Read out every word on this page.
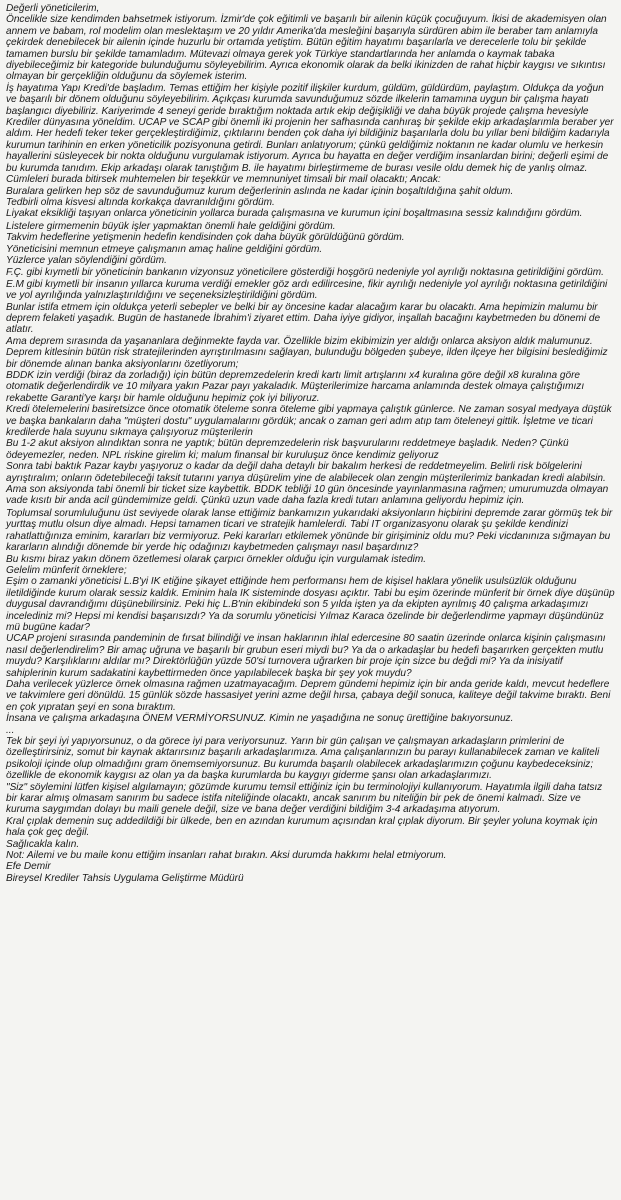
Değerli yöneticilerim,

Öncelikle size kendimden bahsetmek istiyorum. İzmir'de çok eğitimli ve başarılı bir ailenin küçük çocuğuyum. İkisi de akademisyen olan annem ve babam, rol modelim olan meslektaşım ve 20 yıldır Amerika'da mesleğini başarıyla sürdüren abim ile beraber tam anlamıyla çekirdek denebilecek bir ailenin içinde huzurlu bir ortamda yetiştim. Bütün eğitim hayatımı başarılarla ve derecelerle tolu bir şekilde tamamen burslu bir şekilde tamamladım. Mütevazi olmaya gerek yok Türkiye standartlarında her anlamda o kaymak tabaka diyebileceğimiz bir kategoride bulunduğumu söyleyebilirim. Ayrıca ekonomik olarak da belki ikinizden de rahat hiçbir kaygısı ve sıkıntısı olmayan bir gerçekliğin olduğunu da söylemek isterim.

İş hayatıma Yapı Kredi'de başladım. Temas ettiğim her kişiyle pozitif ilişkiler kurdum, güldüm, güldürdüm, paylaştım. Oldukça da yoğun ve başarılı bir dönem olduğunu söyleyebilirim. Açıkçası kurumda savunduğumuz sözde ilkelerin tamamına uygun bir çalışma hayatı başlangıcı diyebiliriz. Kariyerimde 4 seneyi geride bıraktığım noktada artık ekip değişikliği ve daha büyük projede çalışma hevesiyle Krediler dünyasına yöneldim. UCAP ve SCAP gibi önemli iki projenin her safhasında canhıraş bir şekilde ekip arkadaşlarımla beraber yer aldım. Her hedefi teker teker gerçekleştirdiğimiz, çıktılarını benden çok daha iyi bildiğiniz başarılarla dolu bu yıllar beni bildiğim kadarıyla kurumun tarihinin en erken yöneticilik pozisyonuna getirdi. Bunları anlatıyorum; çünkü geldiğimiz noktanın ne kadar olumlu ve herkesin hayallerini süsleyecek bir nokta olduğunu vurgulamak istiyorum. Ayrıca bu hayatta en değer verdiğim insanlardan birini; değerli eşimi de bu kurumda tanıdım. Ekip arkadaşı olarak tanıştığım B. ile hayatımı birleştirmeme de burası vesile oldu demek hiç de yanlış olmaz.

Cümleleri burada bitirsek muhtemelen bir teşekkür ve memnuniyet timsali bir mail olacaktı; Ancak:

Buralara gelirken hep söz de savunduğumuz kurum değerlerinin aslında ne kadar içinin boşaltıldığına şahit oldum.

Tedbirli olma kisvesi altında korkakça davranıldığını gördüm.

Liyakat eksikliği taşıyan onlarca yöneticinin yollarca burada çalışmasına ve kurumun içini boşaltmasına sessiz kalındığını gördüm.

Listelere girmemenin büyük işler yapmaktan önemli hale geldiğini gördüm.

Takvim hedeflerine yetişmenin hedefin kendisinden çok daha büyük görüldüğünü gördüm.

Yöneticisini memnun etmeye çalışmanın amaç haline geldiğini gördüm.

Yüzlerce yalan söylendiğini gördüm.

F.Ç. gibi kıymetli bir yöneticinin bankanın vizyonsuz yöneticilere gösterdiği hoşgörü nedeniyle yol ayrılığı noktasına getirildiğini gördüm.

E.M gibi kıymetli bir insanın yıllarca kuruma verdiği emekler göz ardı edilircesine, fikir ayrılığı nedeniyle yol ayrılığı noktasına getirildiğini ve yol ayrılığında yalnızlaştırıldığını ve seçeneksizleştirildiğini gördüm.

Bunlar istifa etmem için oldukça yeterli sebepler ve belki bir ay öncesine kadar alacağım karar bu olacaktı. Ama hepimizin malumu bir deprem felaketi yaşadık. Bugün de hastanede İbrahim'i ziyaret ettim. Daha iyiye gidiyor, inşallah bacağını kaybetmeden bu dönemi de atlatır.

Ama deprem sırasında da yaşananlara değinmekte fayda var. Özellikle bizim ekibimizin yer aldığı onlarca aksiyon aldık malumunuz. Deprem kitlesinin bütün risk stratejilerinden ayrıştırılmasını sağlayan, bulunduğu bölgeden şubeye, ilden ilçeye her bilgisini beslediğimiz bir dönemde alınan banka aksiyonlarını özetliyorum;

BDDK izin verdiği (biraz da zorladığı) için bütün depremzedelerin kredi kartı limit artışlarını x4 kuralına göre değil x8 kuralına göre otomatik değerlendirdik ve 10 milyara yakın Pazar payı yakaladık. Müşterilerimize harcama anlamında destek olmaya çalıştığımızı rekabette Garanti'ye karşı bir hamle olduğunu hepimiz çok iyi biliyoruz.

Kredi ötelemelerini basiretsizce önce otomatik öteleme sonra öteleme gibi yapmaya çalıştık günlerce. Ne zaman sosyal medyaya düştük ve başka bankaların daha "müşteri dostu" uygulamalarını gördük; ancak o zaman geri adım atıp tam öteleneyi gittik. İşletme ve ticari kredilerde hala suyunu sıkmaya çalışıyoruz müşterilerin

Bu 1-2 akut aksiyon alındıktan sonra ne yaptık; bütün depremzedelerin risk başvurularını reddetmeye başladık. Neden? Çünkü ödeyemezler, neden. NPL riskine girelim ki; malum finansal bir kuruluşuz önce kendimiz geliyoruz

Sonra tabi baktık Pazar kaybı yaşıyoruz o kadar da değil daha detaylı bir bakalım herkesi de reddetmeyelim. Belirli risk bölgelerini ayrıştıralım; onların ödetebileceği taksit tutarını yarıya düşürelim yine de alabilecek olan zengin müşterilerimiz bankadan kredi alabilsin.

Ama son aksiyonda tabi önemli bir ticket size kaybettik. BDDK tebliği 10 gün öncesinde yayınlanmasına rağmen; umurumuzda olmayan vade kısıtı bir anda acil gündemimize geldi. Çünkü uzun vade daha fazla kredi tutarı anlamına geliyordu hepimiz için.

Toplumsal sorumluluğunu üst seviyede olarak lanse ettiğimiz bankamızın yukarıdaki aksiyonların hiçbirini depremde zarar görmüş tek bir yurttaş mutlu olsun diye almadı. Hepsi tamamen ticari ve stratejik hamlelerdi. Tabi IT organizasyonu olarak şu şekilde kendinizi rahatlattığınıza eminim, kararları biz vermiyoruz. Peki kararları etkilemek yönünde bir girişiminiz oldu mu? Peki vicdanınıza sığmayan bu kararların alındığı dönemde bir yerde hiç odağınızı kaybetmeden çalışmayı nasıl başardınız?

Bu kısmı biraz yakın dönem özetlemesi olarak çarpıcı örnekler olduğu için vurgulamak istedim.

Gelelim münferit örneklere;

Eşim o zamanki yöneticisi L.B'yi IK etiğine şikayet ettiğinde hem performansı hem de kişisel haklara yönelik usulsüzlük olduğunu iletildiğinde kurum olarak sessiz kaldık. Eminim hala IK sisteminde dosyası açıktır. Tabi bu eşim özerinde münferit bir örnek diye düşünüp duygusal davrandığımı düşünebilirsiniz. Peki hiç L.B'nin ekibindeki son 5 yılda işten ya da ekipten ayrılmış 40 çalışma arkadaşımızı incelediniz mi? Hepsi mi kendisi başarısızdı? Ya da sorumlu yöneticisi Yılmaz Karaca özelinde bir değerlendirme yapmayı düşündünüz mü bugüne kadar?

UCAP projeni sırasında pandeminin de fırsat bilindiği ve insan haklarının ihlal edercesine 80 saatin üzerinde onlarca kişinin çalışmasını nasıl değerlendirelim? Bir amaç uğruna ve başarılı bir grubun eseri miydi bu? Ya da o arkadaşlar bu hedefi başarırken gerçekten mutlu muydu? Karşılıklarını aldılar mı? Direktörlüğün yüzde 50'si turnovera uğrarken bir proje için sizce bu değdi mi? Ya da inisiyatif sahiplerinin kurum sadakatini kaybettirmeden önce yapılabilecek başka bir şey yok muydu?

Daha verilecek yüzlerce örnek olmasına rağmen uzatmayacağım. Deprem gündemi hepimiz için bir anda geride kaldı, mevcut hedeflere ve takvimlere geri dönüldü. 15 günlük sözde hassasiyet yerini azme değil hırsa, çabaya değil sonuca, kaliteye değil takvime bıraktı. Beni en çok yıpratan şeyi en sona bıraktım.

İnsana ve çalışma arkadaşına ÖNEM VERMİYORSUNUZ. Kimin ne yaşadığına ne sonuç ürettiğine bakıyorsunuz.

...

Tek bir şeyi iyi yapıyorsunuz, o da görece iyi para veriyorsunuz. Yarın bir gün çalışan ve çalışmayan arkadaşların primlerini de özelleştirirsiniz, somut bir kaynak aktarırsınız başarılı arkadaşlarımıza. Ama çalışanlarınızın bu parayı kullanabilecek zaman ve kaliteli psikoloji içinde olup olmadığını gram önemsemiyorsunuz. Bu kurumda başarılı olabilecek arkadaşlarımızın çoğunu kaybedeceksiniz; özellikle de ekonomik kaygısı az olan ya da başka kurumlarda bu kaygıyı giderme şansı olan arkadaşlarımızı.

"Siz" söylemini lütfen kişisel algılamayın; gözümde kurumu temsil ettiğiniz için bu terminolojiyi kullanıyorum. Hayatımla ilgili daha tatsız bir karar almış olmasam sanırım bu sadece istifa niteliğinde olacaktı, ancak sanırım bu niteliğin bir pek de önemi kalmadı. Size ve kuruma saygımdan dolayı bu maili genele değil, size ve bana değer verdiğini bildiğim 3-4 arkadaşıma atıyorum.

Kral çıplak demenin suç addedildiği bir ülkede, ben en azından kurumum açısından kral çıplak diyorum. Bir şeyler yoluna koymak için hala çok geç değil.

Sağlıcakla kalın.

Not: Ailemi ve bu maile konu ettiğim insanları rahat bırakın. Aksi durumda hakkımı helal etmiyorum.

Efe Demir

Bireysel Krediler Tahsis Uygulama Geliştirme Müdürü
